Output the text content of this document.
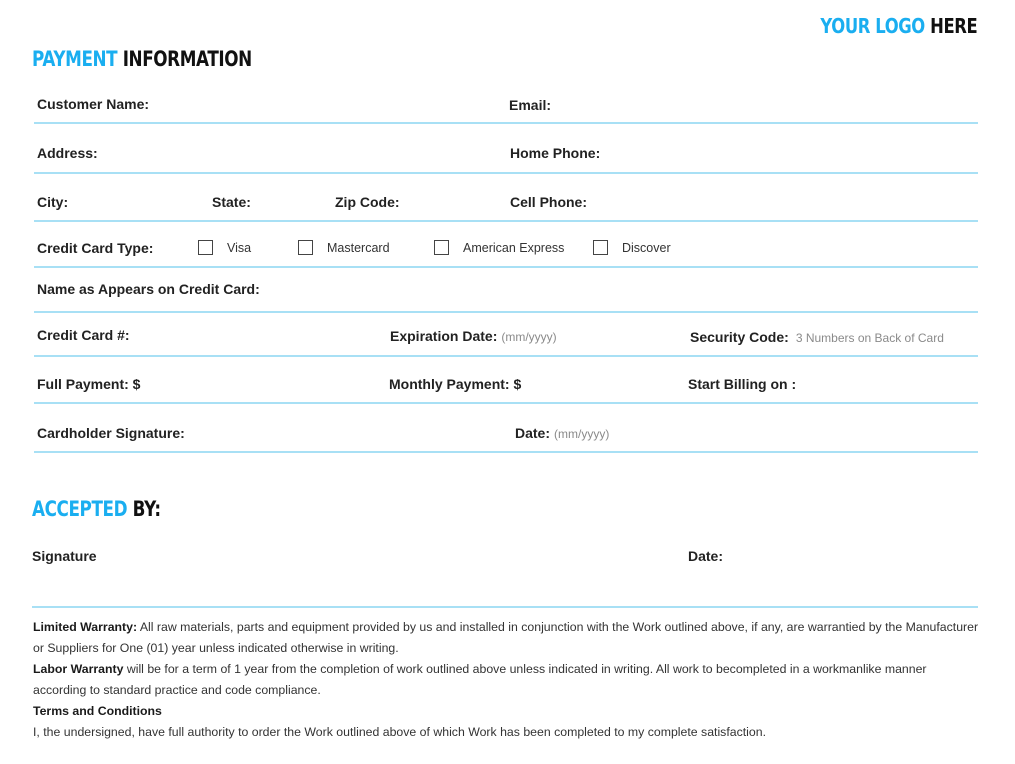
YOUR LOGO HERE
PAYMENT INFORMATION
Customer Name:	Email:
Address:	Home Phone:
City:	State:	Zip Code:	Cell Phone:
Credit Card Type:	Visa	Mastercard	American Express	Discover
Name as Appears on Credit Card:
Credit Card #:	Expiration Date: (mm/yyyy)	Security Code: 3 Numbers on Back of Card
Full Payment: $	Monthly Payment: $	Start Billing on :
Cardholder Signature:	Date: (mm/yyyy)
ACCEPTED BY:
Signature	Date:
Limited Warranty: All raw materials, parts and equipment provided by us and installed in conjunction with the Work outlined above, if any, are warrantied by the Manufacturer or Suppliers for One (01) year unless indicated otherwise in writing.
Labor Warranty will be for a term of 1 year from the completion of work outlined above unless indicated in writing. All work to becompleted in a workmanlike manner according to standard practice and code compliance.
Terms and Conditions
I, the undersigned, have full authority to order the Work outlined above of which Work has been completed to my complete satisfaction.
